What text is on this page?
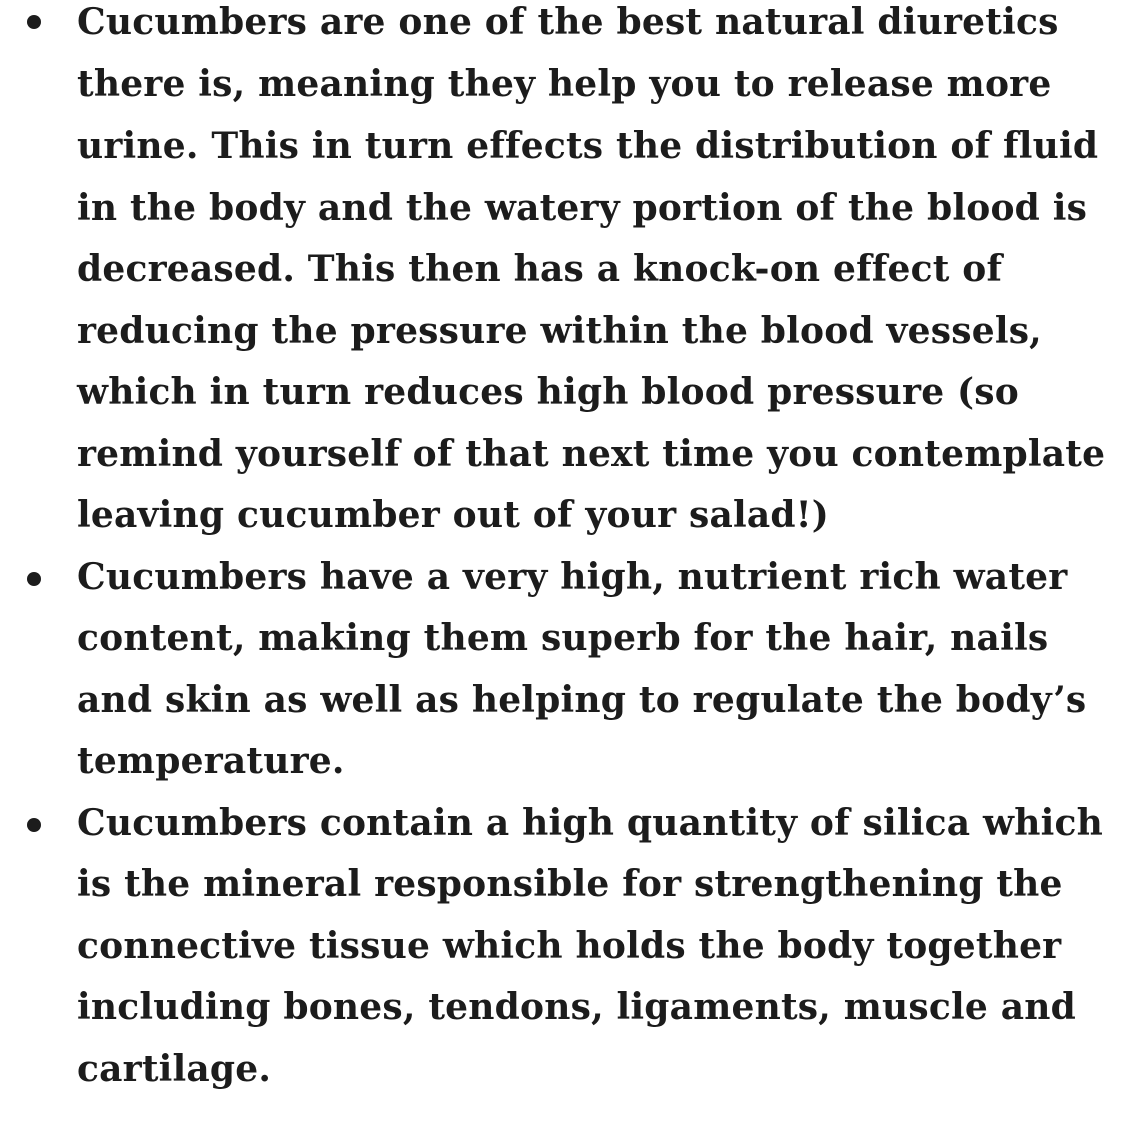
Cucumbers are one of the best natural diuretics
there is, meaning they help you to release more
urine. This in turn effects the distribution of fluid
in the body and the watery portion of the blood is
decreased. This then has a knock-on effect of
reducing the pressure within the blood vessels,
which in turn reduces high blood pressure (so
remind yourself of that next time you contemplate
leaving cucumber out of your salad!)
Cucumbers have a very high, nutrient rich water
content, making them superb for the hair, nails
and skin as well as helping to regulate the body’s
temperature.
Cucumbers contain a high quantity of silica which
is the mineral responsible for strengthening the
connective tissue which holds the body together
including bones, tendons, ligaments, muscle and
cartilage.
